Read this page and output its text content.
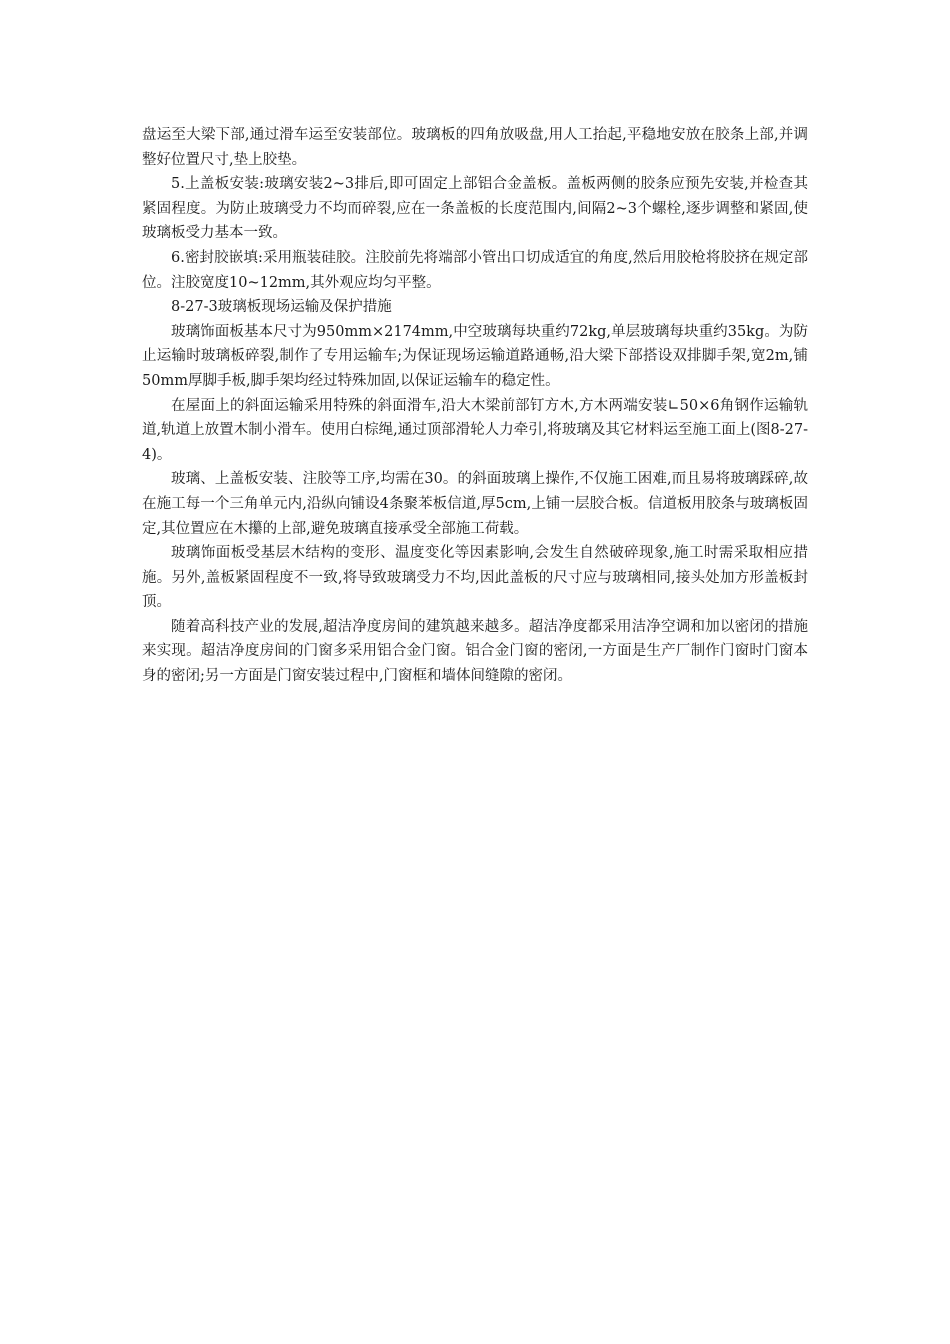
盘运至大梁下部,通过滑车运至安装部位。玻璃板的四角放吸盘,用人工抬起,平稳地安放在胶条上部,并调整好位置尺寸,垫上胶垫。

5.上盖板安装:玻璃安装2~3排后,即可固定上部铝合金盖板。盖板两侧的胶条应预先安装,并检查其紧固程度。为防止玻璃受力不均而碎裂,应在一条盖板的长度范围内,间隔2~3个螺栓,逐步调整和紧固,使玻璃板受力基本一致。

6.密封胶嵌填:采用瓶装硅胶。注胶前先将端部小管出口切成适宜的角度,然后用胶枪将胶挤在规定部位。注胶宽度10~12mm,其外观应均匀平整。

8-27-3玻璃板现场运输及保护措施

玻璃饰面板基本尺寸为950mm×2174mm,中空玻璃每块重约72kg,单层玻璃每块重约35kg。为防止运输时玻璃板碎裂,制作了专用运输车;为保证现场运输道路通畅,沿大梁下部搭设双排脚手架,宽2m,铺50mm厚脚手板,脚手架均经过特殊加固,以保证运输车的稳定性。

在屋面上的斜面运输采用特殊的斜面滑车,沿大木梁前部钉方木,方木两端安装∟50×6角钢作运输轨道,轨道上放置木制小滑车。使用白棕绳,通过顶部滑轮人力牵引,将玻璃及其它材料运至施工面上(图8-27-4)。

玻璃、上盖板安装、注胶等工序,均需在30。的斜面玻璃上操作,不仅施工困难,而且易将玻璃踩碎,故在施工每一个三角单元内,沿纵向铺设4条聚苯板信道,厚5cm,上铺一层胶合板。信道板用胶条与玻璃板固定,其位置应在木攥的上部,避免玻璃直接承受全部施工荷载。

玻璃饰面板受基层木结构的变形、温度变化等因素影响,会发生自然破碎现象,施工时需采取相应措施。另外,盖板紧固程度不一致,将导致玻璃受力不均,因此盖板的尺寸应与玻璃相同,接头处加方形盖板封顶。

随着高科技产业的发展,超洁净度房间的建筑越来越多。超洁净度都采用洁净空调和加以密闭的措施来实现。超洁净度房间的门窗多采用铝合金门窗。铝合金门窗的密闭,一方面是生产厂制作门窗时门窗本身的密闭;另一方面是门窗安装过程中,门窗框和墙体间缝隙的密闭。
